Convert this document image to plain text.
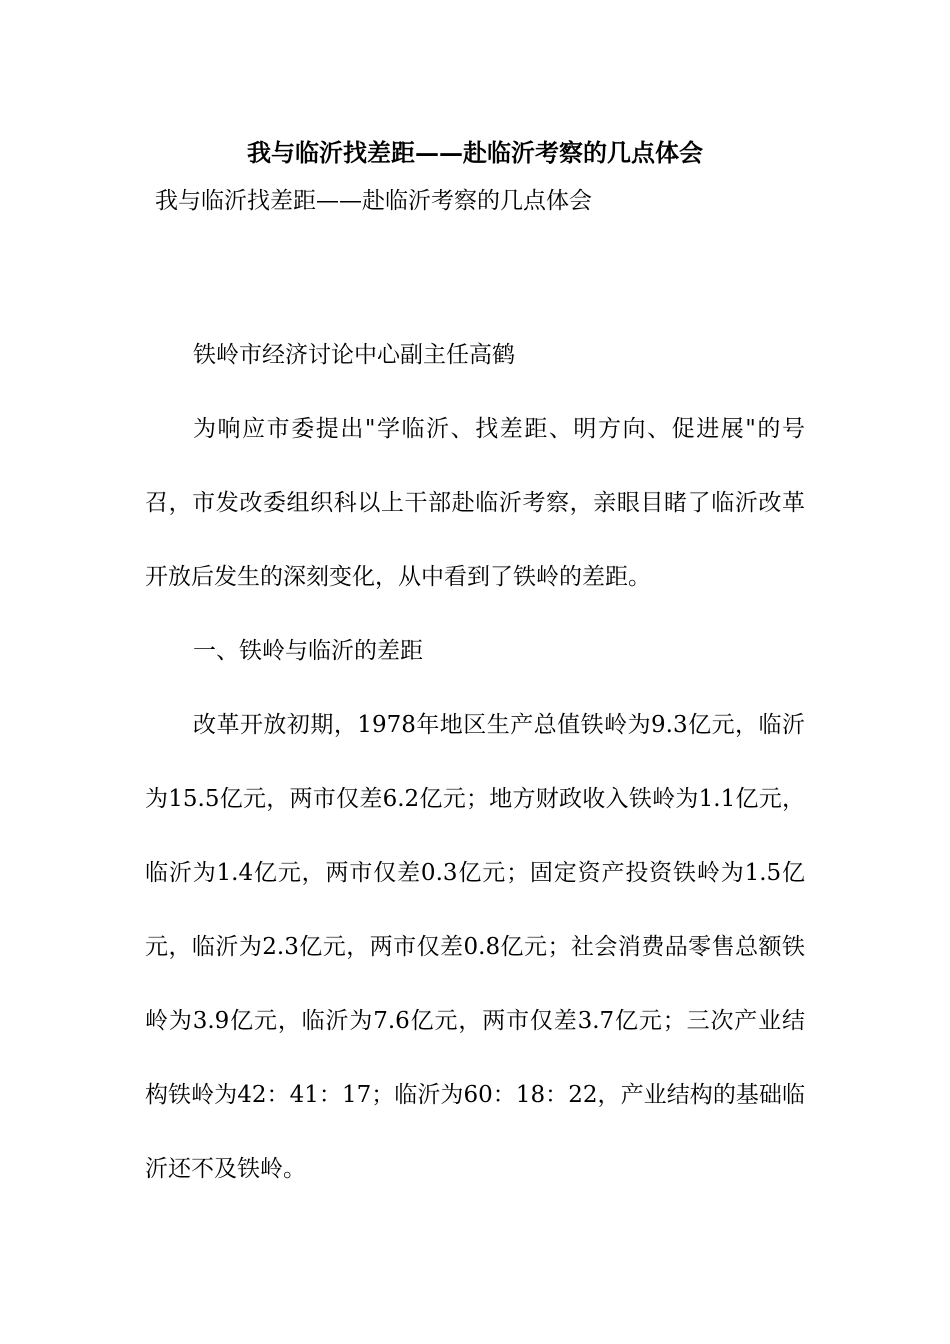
我与临沂找差距——赴临沂考察的几点体会

我与临沂找差距——赴临沂考察的几点体会

铁岭市经济讨论中心副主任高鹤

为响应市委提出"学临沂、找差距、明方向、促进展"的号召，市发改委组织科以上干部赴临沂考察，亲眼目睹了临沂改革开放后发生的深刻变化，从中看到了铁岭的差距。

一、铁岭与临沂的差距

改革开放初期，1978年地区生产总值铁岭为9.3亿元，临沂为15.5亿元，两市仅差6.2亿元；地方财政收入铁岭为1.1亿元，临沂为1.4亿元，两市仅差0.3亿元；固定资产投资铁岭为1.5亿元，临沂为2.3亿元，两市仅差0.8亿元；社会消费品零售总额铁岭为3.9亿元，临沂为7.6亿元，两市仅差3.7亿元；三次产业结构铁岭为42：41：17；临沂为60：18：22，产业结构的基础临沂还不及铁岭。
